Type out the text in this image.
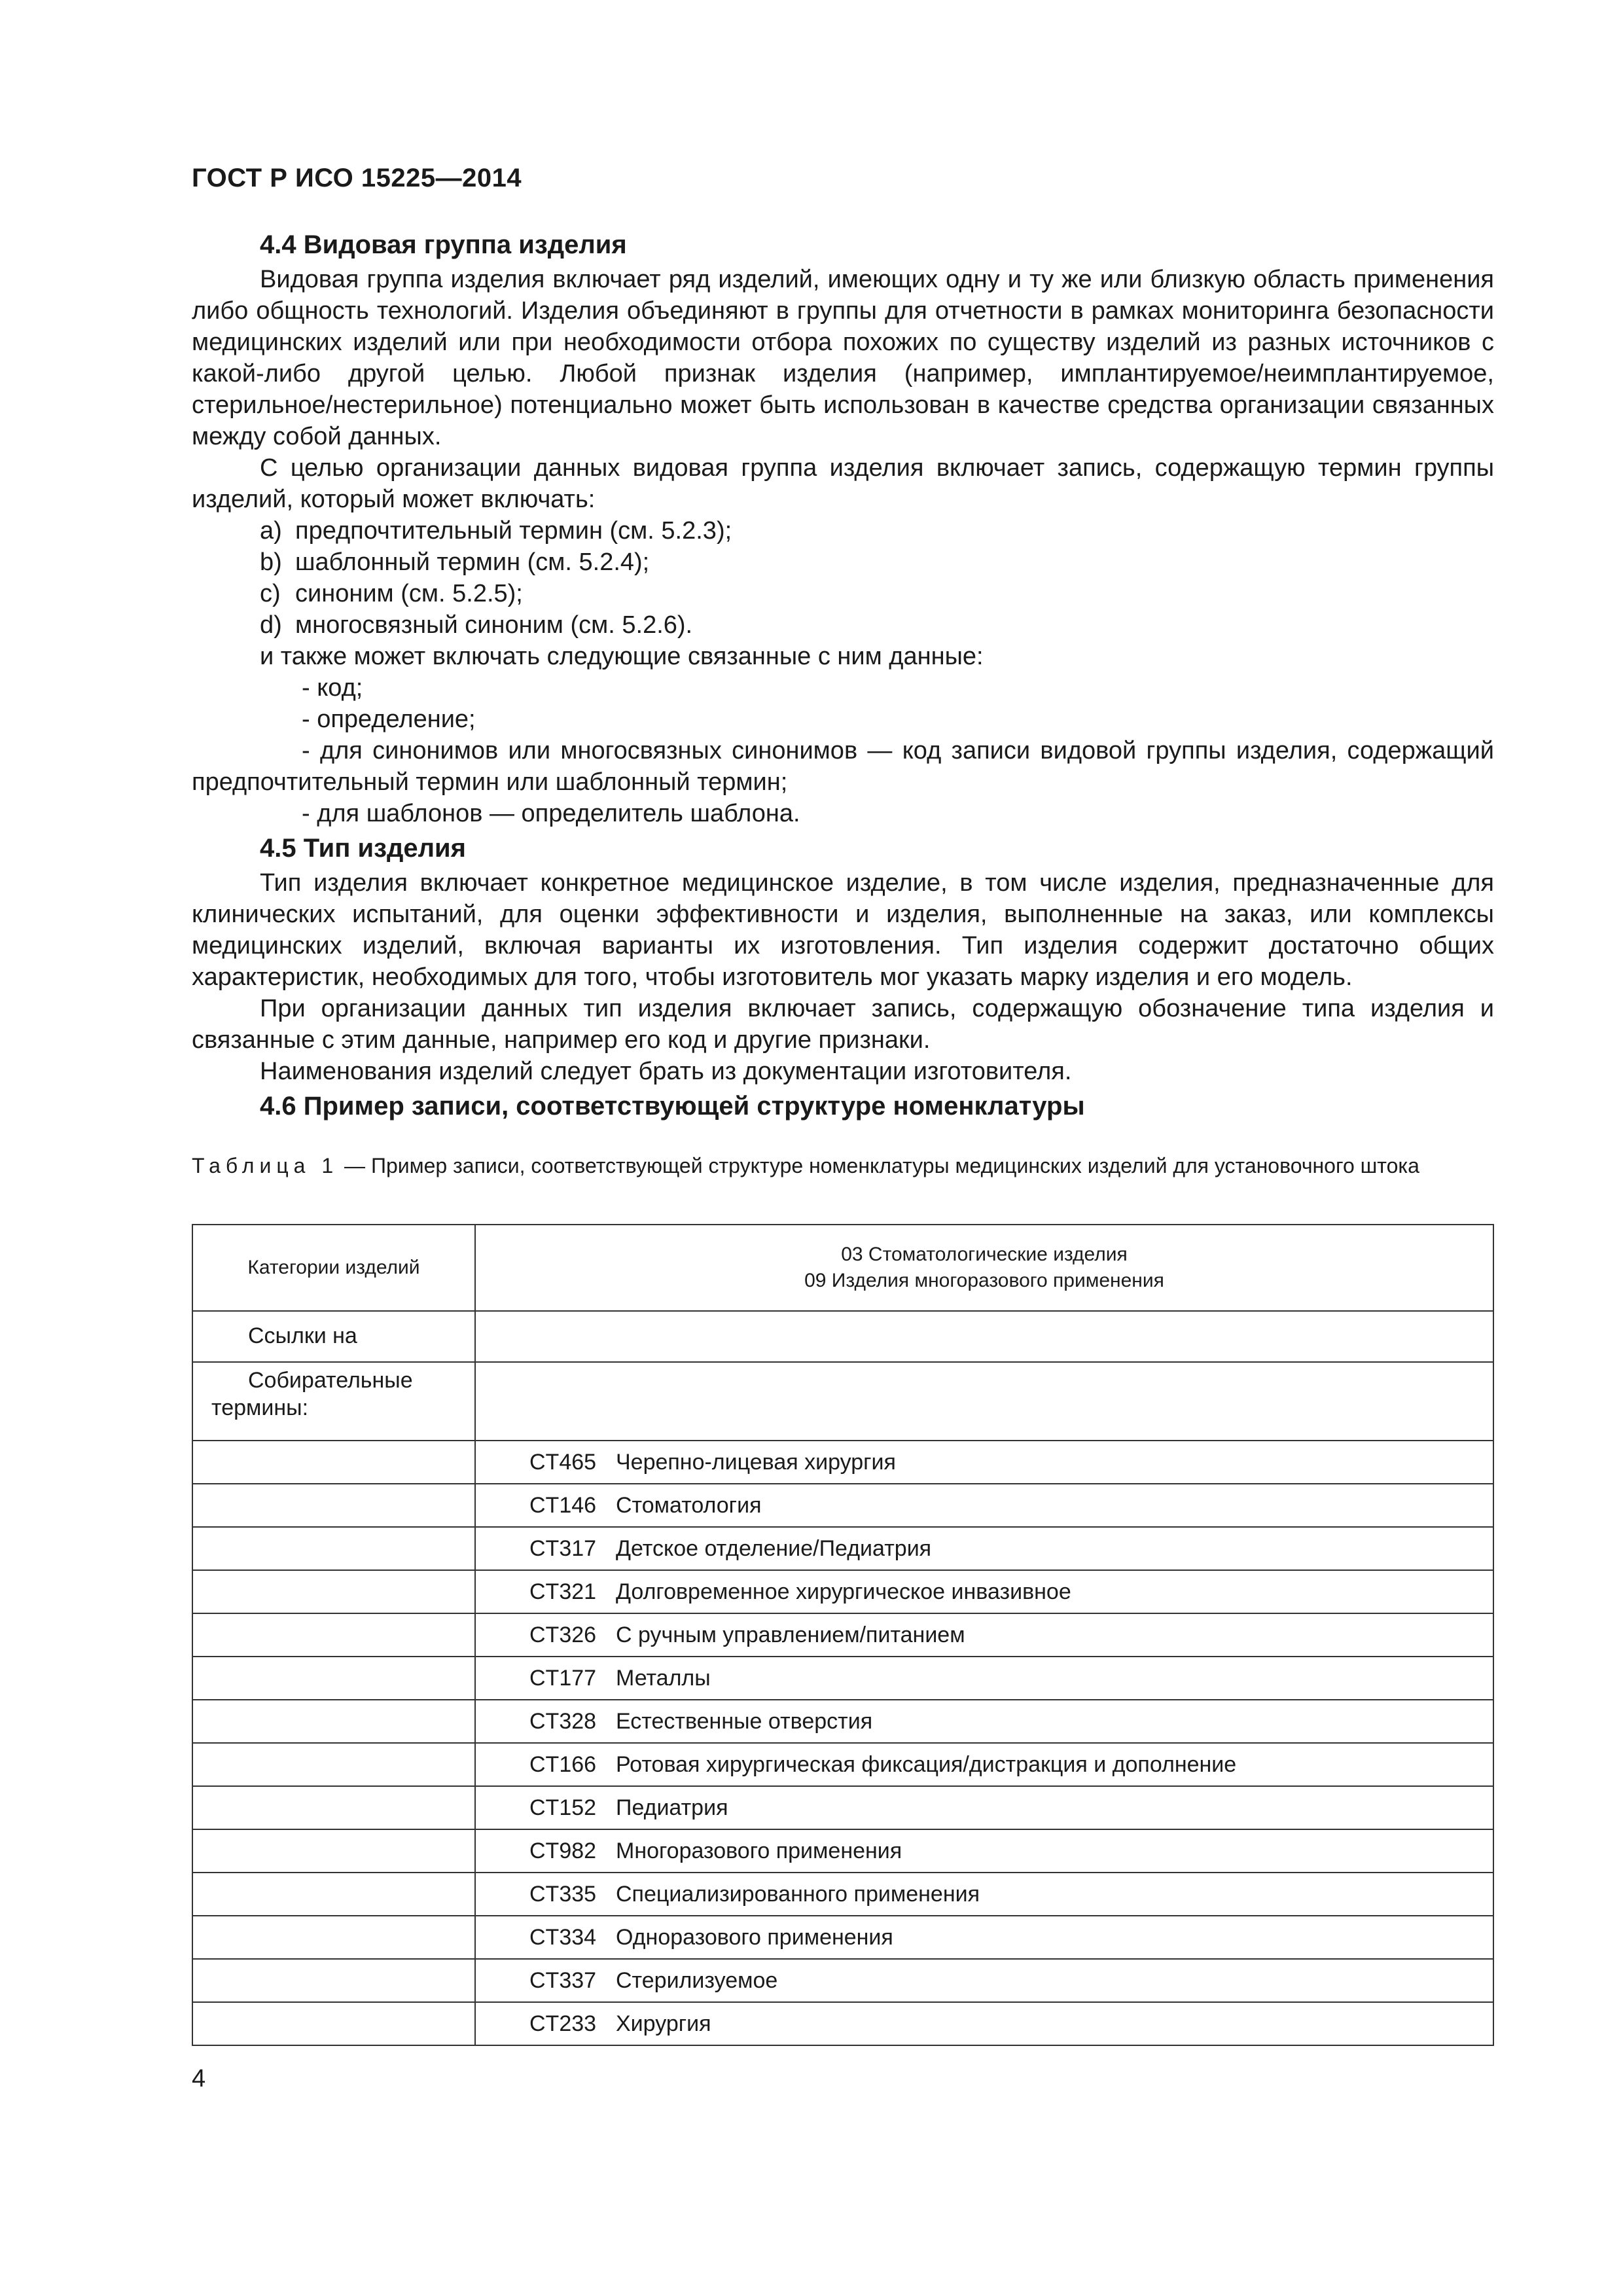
ГОСТ Р ИСО 15225—2014

4.4 Видовая группа изделия

Видовая группа изделия включает ряд изделий, имеющих одну и ту же или близкую область применения либо общность технологий. Изделия объединяют в группы для отчетности в рамках мониторинга безопасности медицинских изделий или при необходимости отбора похожих по существу изделий из разных источников с какой-либо другой целью. Любой признак изделия (например, имплантируемое/неимплантируемое, стерильное/нестерильное) потенциально может быть использован в качестве средства организации связанных между собой данных.

С целью организации данных видовая группа изделия включает запись, содержащую термин группы изделий, который может включать:

a) предпочтительный термин (см. 5.2.3);

b) шаблонный термин (см. 5.2.4);

c) синоним (см. 5.2.5);

d) многосвязный синоним (см. 5.2.6).

и также может включать следующие связанные с ним данные:

- код;

- определение;

- для синонимов или многосвязных синонимов — код записи видовой группы изделия, содержащий предпочтительный термин или шаблонный термин;

- для шаблонов — определитель шаблона.

4.5 Тип изделия

Тип изделия включает конкретное медицинское изделие, в том числе изделия, предназначенные для клинических испытаний, для оценки эффективности и изделия, выполненные на заказ, или комплексы медицинских изделий, включая варианты их изготовления. Тип изделия содержит достаточно общих характеристик, необходимых для того, чтобы изготовитель мог указать марку изделия и его модель.

При организации данных тип изделия включает запись, содержащую обозначение типа изделия и связанные с этим данные, например его код и другие признаки.

Наименования изделий следует брать из документации изготовителя.

4.6 Пример записи, соответствующей структуре номенклатуры

Таблица 1 — Пример записи, соответствующей структуре номенклатуры медицинских изделий для установочного штока
Категории изделий	03 Стоматологические изделия
09 Изделия многоразового применения

Ссылки на	

Собирательные
термины:	

	CT465 Черепно-лицевая хирургия
	CT146 Стоматология
	CT317 Детское отделение/Педиатрия
	CT321 Долговременное хирургическое инвазивное
	CT326 С ручным управлением/питанием
	CT177 Металлы
	CT328 Естественные отверстия
	CT166 Ротовая хирургическая фиксация/дистракция и дополнение
	CT152 Педиатрия
	CT982 Многоразового применения
	CT335 Специализированного применения
	CT334 Одноразового применения
	CT337 Стерилизуемое
	CT233 Хирургия
4
